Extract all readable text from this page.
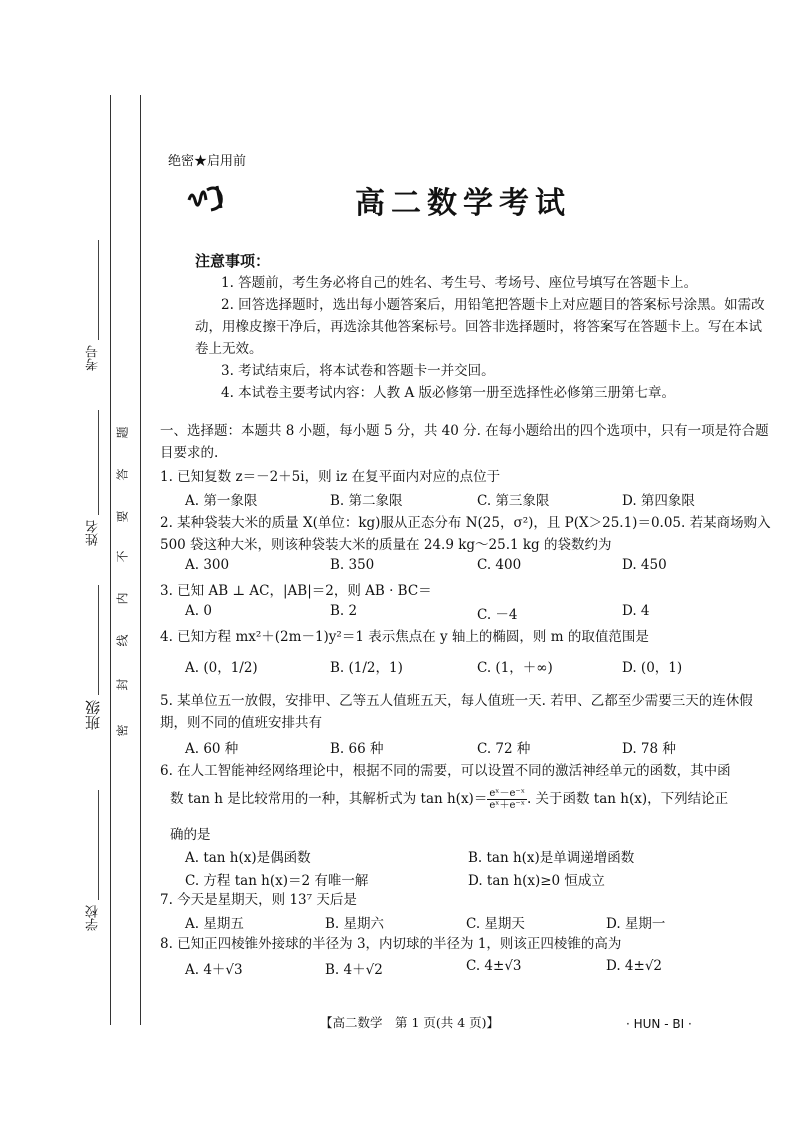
考号
姓名
班级
学校
题
答
要
不
内
线
封
密
绝密★启用前
高二数学考试
注意事项：
1. 答题前，考生务必将自己的姓名、考生号、考场号、座位号填写在答题卡上。
2. 回答选择题时，选出每小题答案后，用铅笔把答题卡上对应题目的答案标号涂黑。如需改动，用橡皮擦干净后，再选涂其他答案标号。回答非选择题时，将答案写在答题卡上。写在本试卷上无效。
3. 考试结束后，将本试卷和答题卡一并交回。
4. 本试卷主要考试内容：人教 A 版必修第一册至选择性必修第三册第七章。
一、选择题：本题共 8 小题，每小题 5 分，共 40 分. 在每小题给出的四个选项中，只有一项是符合题目要求的.
1. 已知复数 z＝－2＋5i，则 iz 在复平面内对应的点位于
A. 第一象限	B. 第二象限	C. 第三象限	D. 第四象限
2. 某种袋装大米的质量 X(单位：kg)服从正态分布 N(25，σ²)，且 P(X＞25.1)＝0.05. 若某商场购入 500 袋这种大米，则该种袋装大米的质量在 24.9 kg～25.1 kg 的袋数约为
A. 300	B. 350	C. 400	D. 450
3. 已知 AB ⊥ AC，|AB|＝2，则 AB · BC＝
A. 0	B. 2	C. －4	D. 4
4. 已知方程 mx²＋(2m－1)y²＝1 表示焦点在 y 轴上的椭圆，则 m 的取值范围是
A. (0，1/2)	B. (1/2，1)	C. (1，＋∞)	D. (0，1)
5. 某单位五一放假，安排甲、乙等五人值班五天，每人值班一天. 若甲、乙都至少需要三天的连休假期，则不同的值班安排共有
A. 60 种	B. 66 种	C. 72 种	D. 78 种
6. 在人工智能神经网络理论中，根据不同的需要，可以设置不同的激活神经单元的函数，其中函
数 tan h 是比较常用的一种，其解析式为 $\tan h(x)= \frac{\text{eˣ－e⁻ˣ}}{\text{eˣ＋e⁻ˣ}}$ . 关于函数 tan h(x)，下列结论正
确的是
A. tan h(x)是偶函数	B. tan h(x)是单调递增函数
C. 方程 tan h(x)＝2 有唯一解	D. tan h(x)≥0 恒成立
7. 今天是星期天，则 13⁷ 天后是
A. 星期五	B. 星期六	C. 星期天	D. 星期一
8. 已知正四棱锥外接球的半径为 3，内切球的半径为 1，则该正四棱锥的高为
A. 4＋√3	B. 4＋√2	C. 4±√3	D. 4±√2
【高二数学　第 1 页(共 4 页)】	· HUN - BI ·
